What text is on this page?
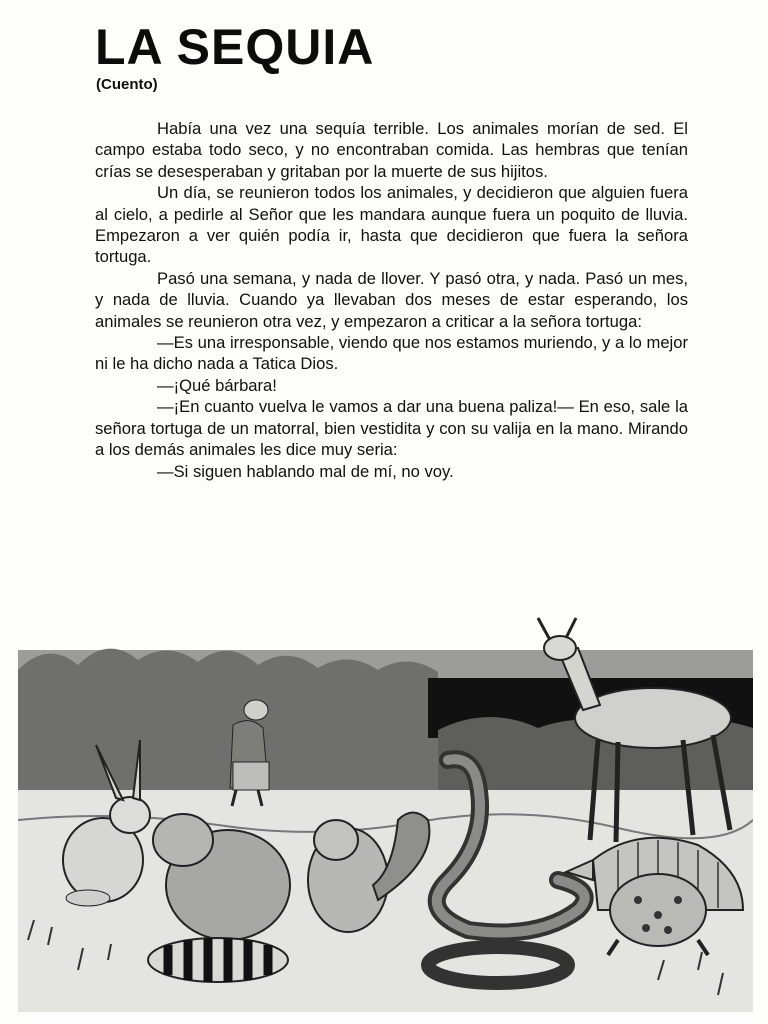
LA SEQUIA
(Cuento)

Había una vez una sequía terrible. Los animales morían de sed. El campo estaba todo seco, y no encontraban comida. Las hembras que tenían crías se desesperaban y gritaban por la muerte de sus hijitos.

Un día, se reunieron todos los animales, y decidieron que alguien fuera al cielo, a pedirle al Señor que les mandara aunque fuera un poquito de lluvia. Empezaron a ver quién podía ir, hasta que decidieron que fuera la señora tortuga.

Pasó una semana, y nada de llover. Y pasó otra, y nada. Pasó un mes, y nada de lluvia. Cuando ya llevaban dos meses de estar esperando, los animales se reunieron otra vez, y empezaron a criticar a la señora tortuga:

—Es una irresponsable, viendo que nos estamos muriendo, y a lo mejor ni le ha dicho nada a Tatica Dios.

—¡Qué bárbara!

—¡En cuanto vuelva le vamos a dar una buena paliza!— En eso, sale la señora tortuga de un matorral, bien vestidita y con su valija en la mano. Mirando a los demás animales les dice muy seria:

—Si siguen hablando mal de mí, no voy.
